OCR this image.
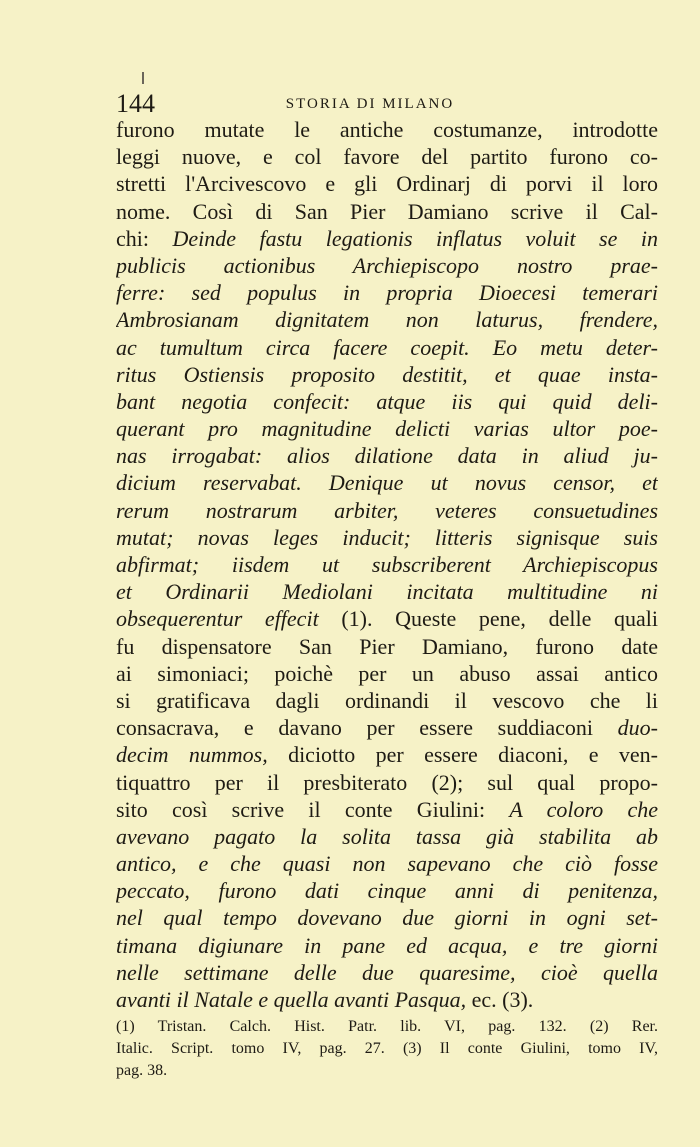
144	STORIA DI MILANO
furono mutate le antiche costumanze, introdotte
leggi nuove, e col favore del partito furono co-
stretti l'Arcivescovo e gli Ordinarj di porvi il loro
nome. Così di San Pier Damiano scrive il Cal-
chi: Deinde fastu legationis inflatus voluit se in
publicis actionibus Archiepiscopo nostro prae-
ferre: sed populus in propria Dioecesi temerari
Ambrosianam dignitatem non laturus, frendere,
ac tumultum circa facere coepit. Eo metu deter-
ritus Ostiensis proposito destitit, et quae insta-
bant negotia confecit: atque iis qui quid deli-
querant pro magnitudine delicti varias ultor poe-
nas irrogabat: alios dilatione data in aliud ju-
dicium reservabat. Denique ut novus censor, et
rerum nostrarum arbiter, veteres consuetudines
mutat; novas leges inducit; litteris signisque suis
abfirmat; iisdem ut subscriberent Archiepiscopus
et Ordinarii Mediolani incitata multitudine ni
obsequerentur effecit (1). Queste pene, delle quali
fu dispensatore San Pier Damiano, furono date
ai simoniaci; poichè per un abuso assai antico
si gratificava dagli ordinandi il vescovo che li
consacrava, e davano per essere suddiaconi duo-
decim nummos, diciotto per essere diaconi, e ven-
tiquattro per il presbiterato (2); sul qual propo-
sito così scrive il conte Giulini: A coloro che
avevano pagato la solita tassa già stabilita ab
antico, e che quasi non sapevano che ciò fosse
peccato, furono dati cinque anni di penitenza,
nel qual tempo dovevano due giorni in ogni set-
timana digiunare in pane ed acqua, e tre giorni
nelle settimane delle due quaresime, cioè quella
avanti il Natale e quella avanti Pasqua, ec. (3).
(1) Tristan. Calch. Hist. Patr. lib. VI, pag. 132. (2) Rer.
Italic. Script. tomo IV, pag. 27. (3) Il conte Giulini, tomo IV,
pag. 38.
